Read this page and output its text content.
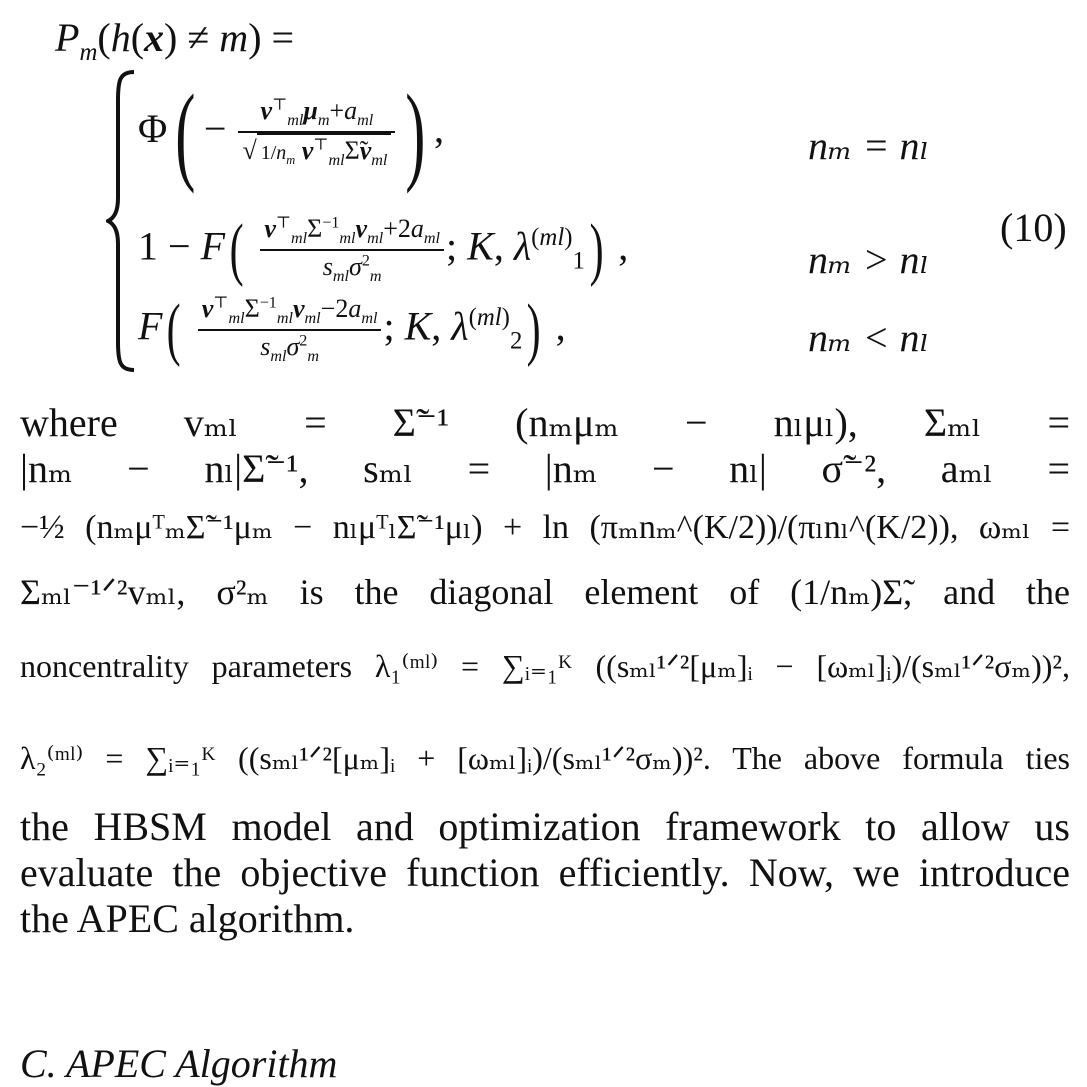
$P_m(h(x) \ne m)$ =
$\Phi( - \frac{v^⊤_{ml}\mu_m+a_{ml}}{√ 1/n_m v^⊤_{ml}\Sigmãv_{ml}}$ ) ,	nₘ = nₗ
$1 - F( \frac{v^⊤_{ml}\Sigma^{-1}_{ml}v_{ml}+2a_{ml}}{s_{ml}\sigma^2_m}$ ; K, $\lambda^{(ml)}_1$) ,	nₘ > nₗ
$F( \frac{v^⊤_{ml}\Sigma^{-1}_{ml}v_{ml}-2a_{ml}}{s_{ml}\sigma^2_m}$ ; K, $\lambda^{(ml)}_2$) ,	nₘ < nₗ
(10)
where vₘₗ = Σ̃⁻¹ (nₘμₘ − nₗμₗ), Σₘₗ =
|nₘ − nₗ|Σ̃⁻¹, sₘₗ = |nₘ − nₗ| σ̃⁻², aₘₗ =
−½ (nₘμᵀₘΣ̃⁻¹μₘ − nₗμᵀₗΣ̃⁻¹μₗ) + ln (πₘnₘ^(K/2))/(πₗnₗ^(K/2)), ωₘₗ =
Σₘₗ⁻¹ᐟ²vₘₗ, σ²ₘ is the diagonal element of (1/nₘ)Σ̃, and the
noncentrality parameters λ₁⁽ᵐˡ⁾ = ∑ᵢ₌₁ᴷ ((sₘₗ¹ᐟ²[μₘ]ᵢ − [ωₘₗ]ᵢ)/(sₘₗ¹ᐟ²σₘ))²,
λ₂⁽ᵐˡ⁾ = ∑ᵢ₌₁ᴷ ((sₘₗ¹ᐟ²[μₘ]ᵢ + [ωₘₗ]ᵢ)/(sₘₗ¹ᐟ²σₘ))². The above formula ties
the HBSM model and optimization framework to allow us
evaluate the objective function efficiently. Now, we introduce
the APEC algorithm.
C. APEC Algorithm
